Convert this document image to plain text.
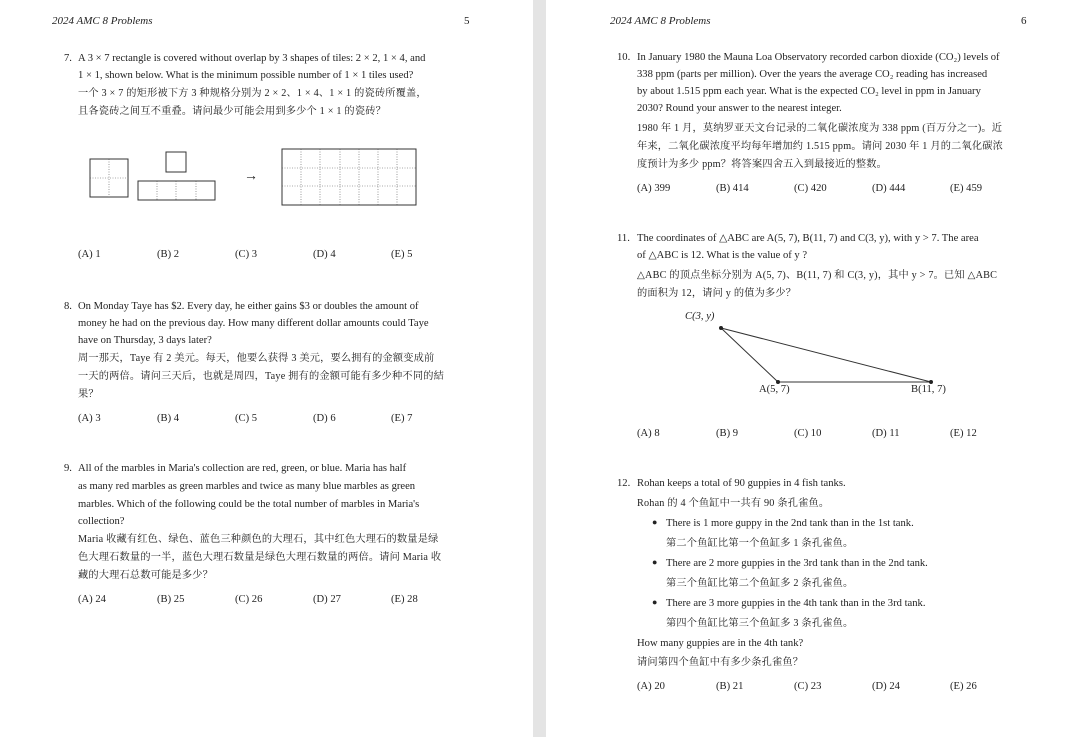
2024 AMC 8 Problems	5
7. A 3 × 7 rectangle is covered without overlap by 3 shapes of tiles: 2 × 2, 1 × 4, and
1 × 1, shown below. What is the minimum possible number of 1 × 1 tiles used?
一个 3 × 7 的矩形被下方 3 种规格分别为 2 × 2、1 × 4、1 × 1 的瓷砖所覆盖，
且各瓷砖之间互不重叠。请问最少可能会用到多少个 1 × 1 的瓷砖？
→
(A) 1	(B) 2	(C) 3	(D) 4	(E) 5
8. On Monday Taye has $2. Every day, he either gains $3 or doubles the amount of
money he had on the previous day. How many different dollar amounts could Taye
have on Thursday, 3 days later?
周一那天，Taye 有 2 美元。每天，他要么获得 3 美元，要么拥有的金额变成前
一天的两倍。请问三天后，也就是周四，Taye 拥有的金额可能有多少种不同的結
果？
(A) 3	(B) 4	(C) 5	(D) 6	(E) 7
9. All of the marbles in Maria's collection are red, green, or blue. Maria has half
as many red marbles as green marbles and twice as many blue marbles as green
marbles. Which of the following could be the total number of marbles in Maria's
collection?
Maria 收藏有红色、绿色、蓝色三种颜色的大理石，其中红色大理石的数量是绿
色大理石数量的一半，蓝色大理石数量是绿色大理石数量的两倍。请问 Maria 收
藏的大理石总数可能是多少？
(A) 24	(B) 25	(C) 26	(D) 27	(E) 28
2024 AMC 8 Problems	6
10. In January 1980 the Mauna Loa Observatory recorded carbon dioxide (CO₂) levels of
338 ppm (parts per million). Over the years the average CO₂ reading has increased
by about 1.515 ppm each year. What is the expected CO₂ level in ppm in January
2030? Round your answer to the nearest integer.
1980 年 1 月，莫纳罗亚天文台记录的二氧化碳浓度为 338 ppm (百万分之一)。近
年来，二氧化碳浓度平均每年增加约 1.515 ppm。请问 2030 年 1 月的二氧化碳浓
度预计为多少 ppm？将答案四舍五入到最接近的整数。
(A) 399	(B) 414	(C) 420	(D) 444	(E) 459
11. The coordinates of △ABC are A(5, 7), B(11, 7) and C(3, y), with y > 7. The area
of △ABC is 12. What is the value of y ?
△ABC 的顶点坐标分别为 A(5, 7)、B(11, 7) 和 C(3, y)，其中 y > 7。已知 △ABC
的面积为 12，请问 y 的值为多少？
C(3, y)
A(5, 7)	B(11, 7)
(A) 8	(B) 9	(C) 10	(D) 11	(E) 12
12. Rohan keeps a total of 90 guppies in 4 fish tanks.
Rohan 的 4 个鱼缸中一共有 90 条孔雀鱼。
● There is 1 more guppy in the 2nd tank than in the 1st tank.
第二个鱼缸比第一个鱼缸多 1 条孔雀鱼。
● There are 2 more guppies in the 3rd tank than in the 2nd tank.
第三个鱼缸比第二个鱼缸多 2 条孔雀鱼。
● There are 3 more guppies in the 4th tank than in the 3rd tank.
第四个鱼缸比第三个鱼缸多 3 条孔雀鱼。
How many guppies are in the 4th tank?
请问第四个鱼缸中有多少条孔雀鱼？
(A) 20	(B) 21	(C) 23	(D) 24	(E) 26
